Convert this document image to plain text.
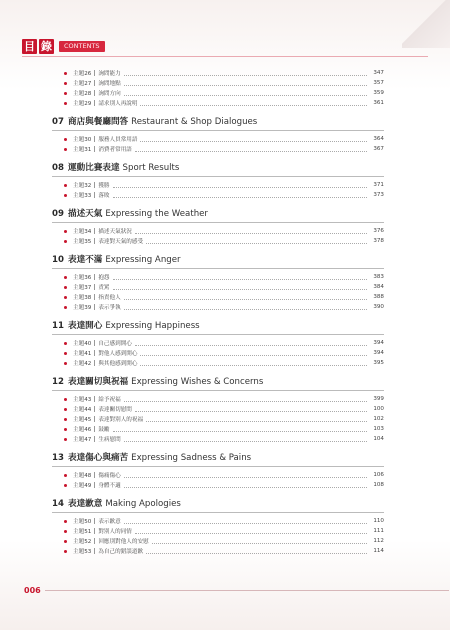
目 錄	CONTENTS
主題26 詢問能力	347
主題27 詢問地點	357
主題28 詢問方向	359
主題29 請求別人再說明	361
07 商店與餐廳問答 Restaurant & Shop Dialogues
主題30 服務人員常用語	364
主題31 消費者常用語	367
08 運動比賽表達 Sport Results
主題32 獲勝	371
主題33 落敗	373
09 描述天氣 Expressing the Weather
主題34 描述天氣狀況	376
主題35 表達對天氣的感受	378
10 表達不滿 Expressing Anger
主題36 抱怨	383
主題37 責罵	384
主題38 指責他人	388
主題39 表示爭執	390
11 表達開心 Expressing Happiness
主題40 自己感到開心	394
主題41 對他人感到開心	394
主題42 與其他感到開心	395
12 表達關切與祝福 Expressing Wishes & Concerns
主題43 給予祝福	399
主題44 表達關切慰問	100
主題45 表達對別人的祝福	102
主題46 鼓勵	103
主題47 生病慰問	104
13 表達傷心與痛苦 Expressing Sadness & Pains
主題48 傷痛傷心	106
主題49 身體不適	108
14 表達歉意 Making Apologies
主題50 表示歉意	110
主題51 對別人的同情	111
主題52 回應別對他人的安慰	112
主題53 為自己的錯誤道歉	114
006
